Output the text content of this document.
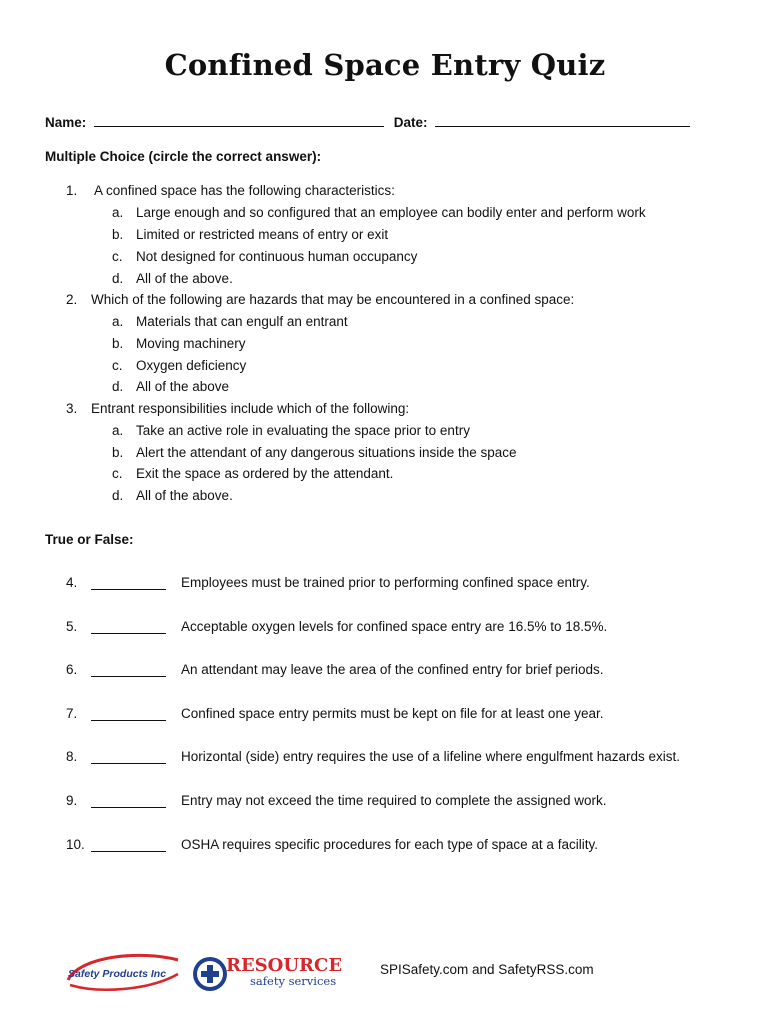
Confined Space Entry Quiz
Name:	Date:
Multiple Choice (circle the correct answer):
1. A confined space has the following characteristics:
a. Large enough and so configured that an employee can bodily enter and perform work
b. Limited or restricted means of entry or exit
c. Not designed for continuous human occupancy
d. All of the above.
2. Which of the following are hazards that may be encountered in a confined space:
a. Materials that can engulf an entrant
b. Moving machinery
c. Oxygen deficiency
d. All of the above
3. Entrant responsibilities include which of the following:
a. Take an active role in evaluating the space prior to entry
b. Alert the attendant of any dangerous situations inside the space
c. Exit the space as ordered by the attendant.
d. All of the above.
True or False:
4.	Employees must be trained prior to performing confined space entry.
5.	Acceptable oxygen levels for confined space entry are 16.5% to 18.5%.
6.	An attendant may leave the area of the confined entry for brief periods.
7.	Confined space entry permits must be kept on file for at least one year.
8.	Horizontal (side) entry requires the use of a lifeline where engulfment hazards exist.
9.	Entry may not exceed the time required to complete the assigned work.
10.	OSHA requires specific procedures for each type of space at a facility.
Safety Products Inc	RESOURCE
safety services
SPISafety.com and SafetyRSS.com
